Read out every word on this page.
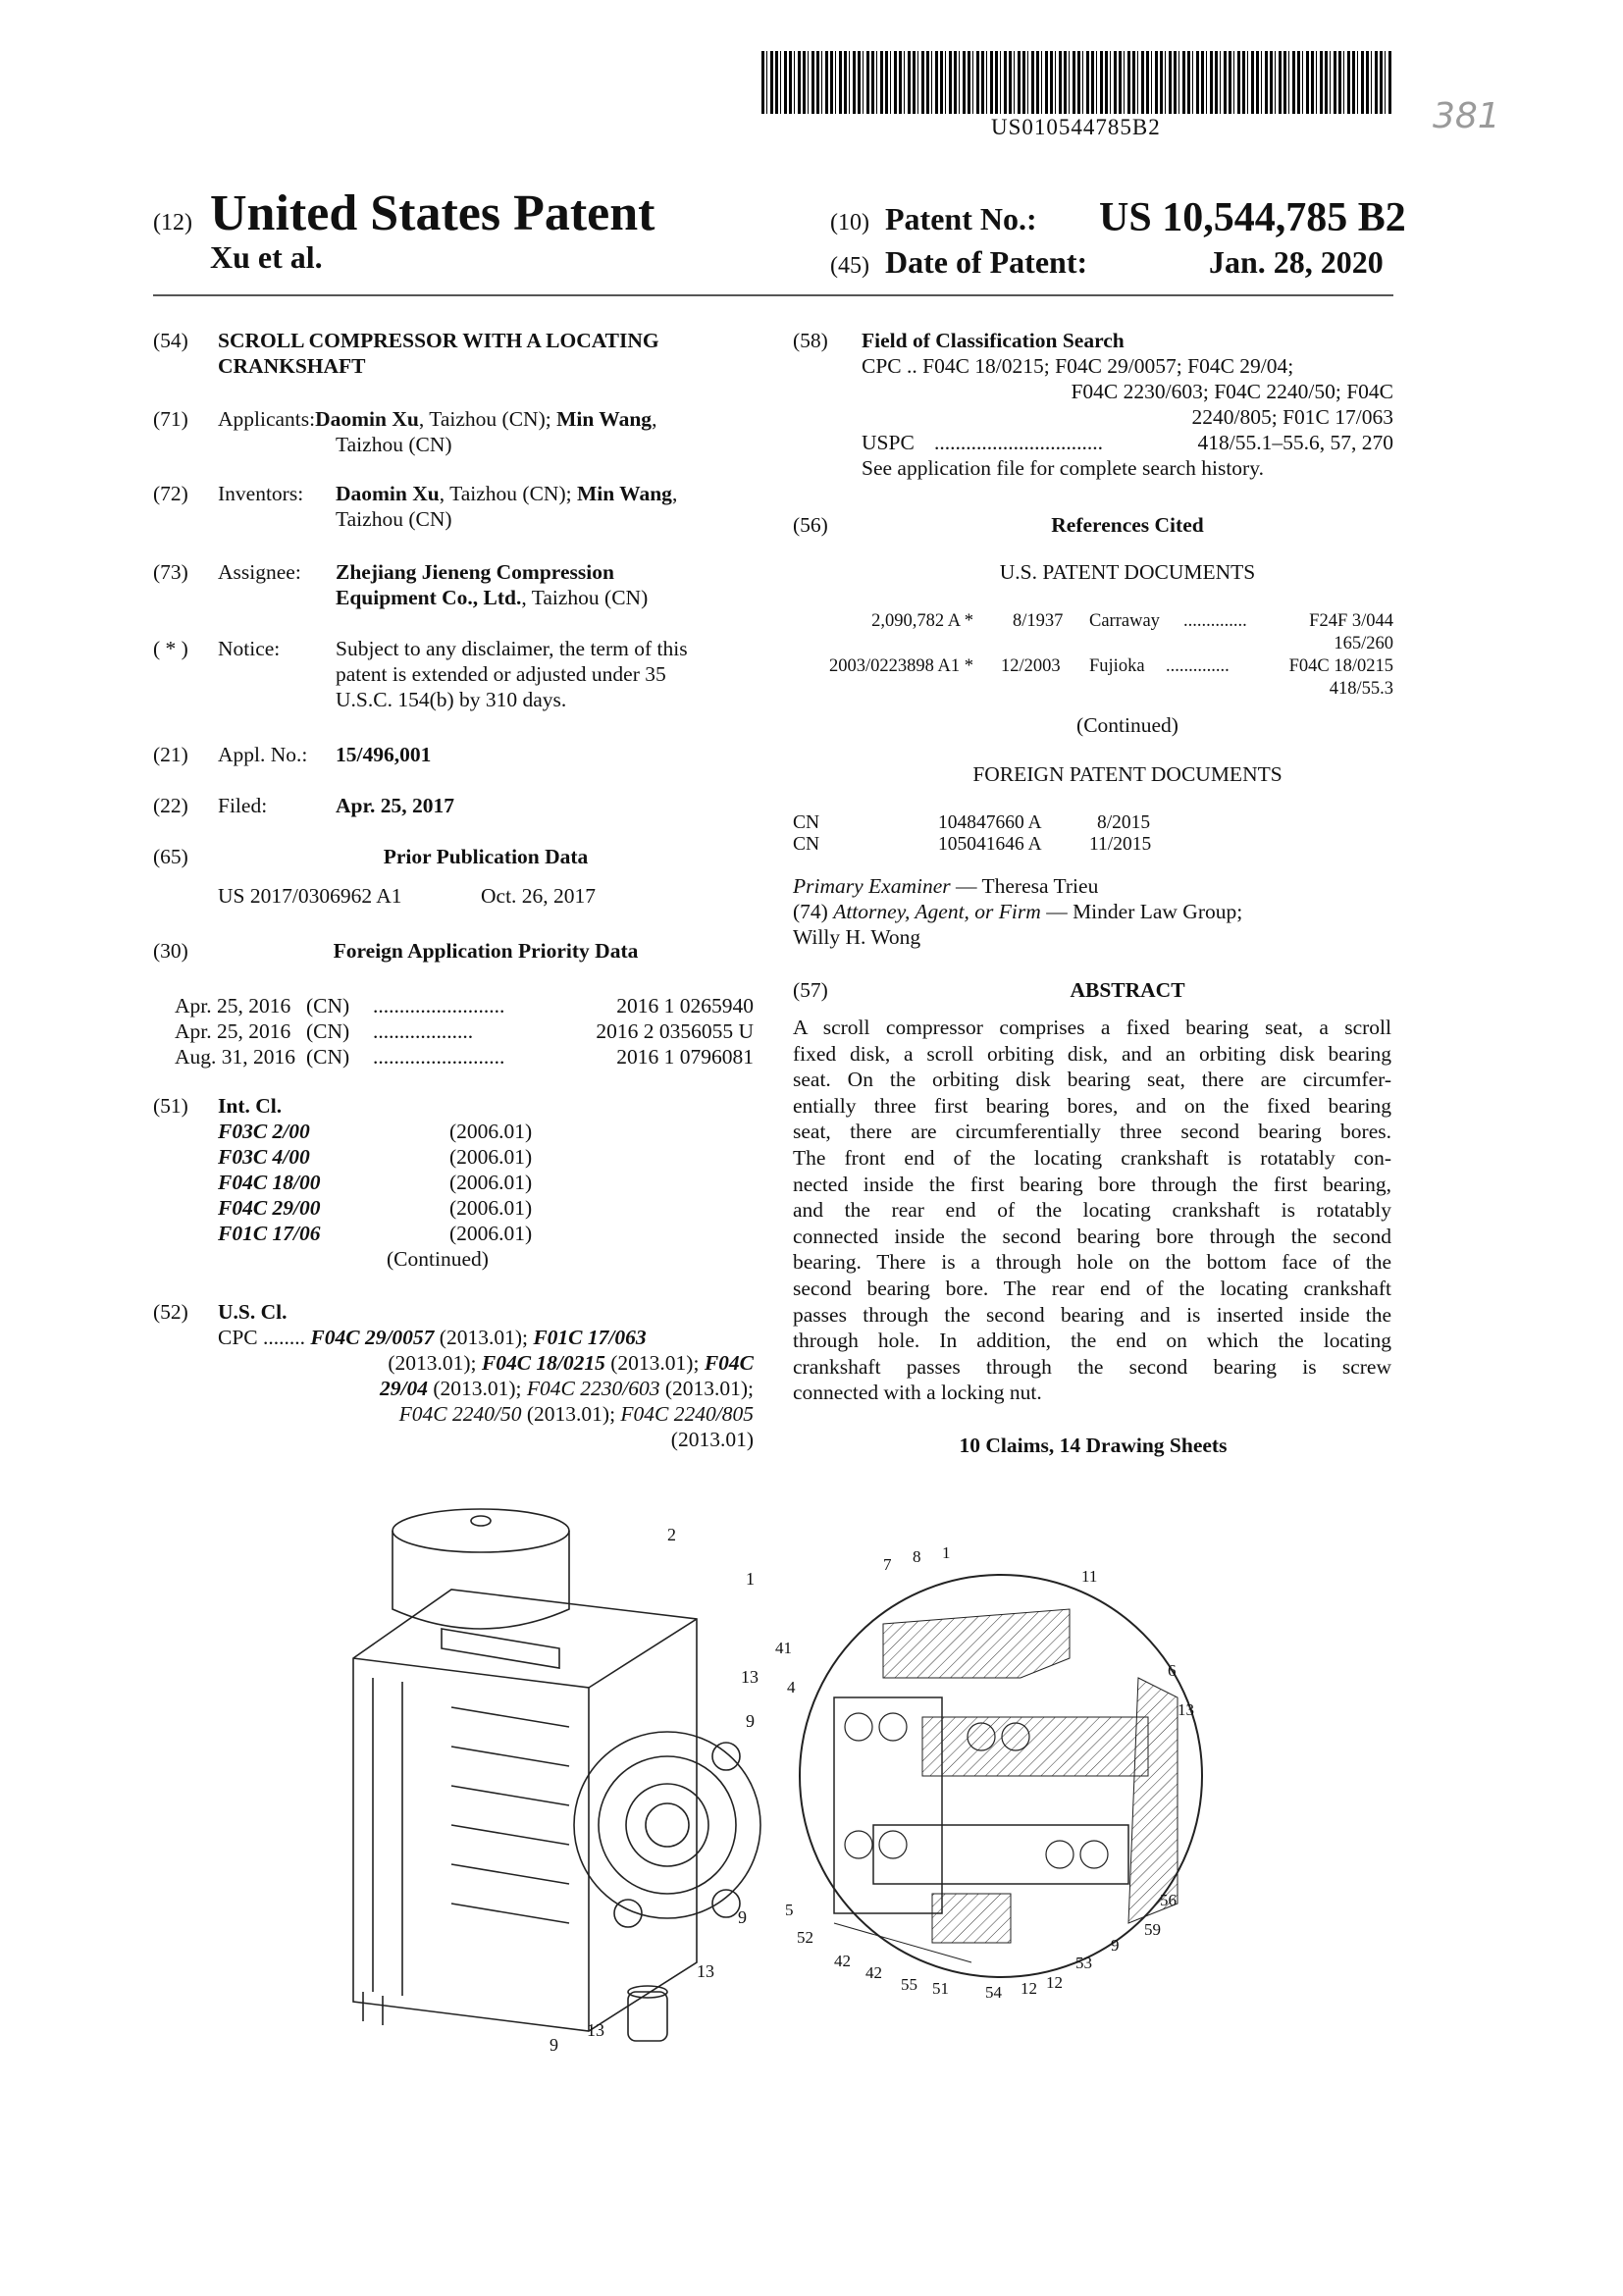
US010544785B2	381
(12) United States Patent
Xu et al.
(10) Patent No.: US 10,544,785 B2
(45) Date of Patent:	Jan. 28, 2020
(54) SCROLL COMPRESSOR WITH A LOCATING
CRANKSHAFT
(71) Applicants:Daomin Xu, Taizhou (CN); Min Wang,
Taizhou (CN)
(72) Inventors: Daomin Xu, Taizhou (CN); Min Wang,
Taizhou (CN)
(73) Assignee: Zhejiang Jieneng Compression
Equipment Co., Ltd., Taizhou (CN)
( * ) Notice:	Subject to any disclaimer, the term of this
patent is extended or adjusted under 35
U.S.C. 154(b) by 310 days.
(21) Appl. No.: 15/496,001
(22) Filed:	Apr. 25, 2017
(65)	Prior Publication Data
US 2017/0306962 A1	Oct. 26, 2017
(30)	Foreign Application Priority Data
Apr. 25, 2016 (CN) .........................	2016 1 0265940
Apr. 25, 2016 (CN) ...................	2016 2 0356055 U
Aug. 31, 2016 (CN) .........................	2016 1 0796081
(51) Int. Cl.
F03C 2/00	(2006.01)
F03C 4/00	(2006.01)
F04C 18/00	(2006.01)
F04C 29/00	(2006.01)
F01C 17/06	(2006.01)
(Continued)
(52) U.S. Cl.
CPC ........ F04C 29/0057 (2013.01); F01C 17/063
(2013.01); F04C 18/0215 (2013.01); F04C
29/04 (2013.01); F04C 2230/603 (2013.01);
F04C 2240/50 (2013.01); F04C 2240/805
(2013.01)
(58) Field of Classification Search
CPC .. F04C 18/0215; F04C 29/0057; F04C 29/04;
F04C 2230/603; F04C 2240/50; F04C
2240/805; F01C 17/063
USPC ................................	418/55.1–55.6, 57, 270
See application file for complete search history.
(56)	References Cited
U.S. PATENT DOCUMENTS
2,090,782 A * 8/1937 Carraway ..............	F24F 3/044
165/260
2003/0223898 A1 * 12/2003 Fujioka ..............	F04C 18/0215
418/55.3
(Continued)
FOREIGN PATENT DOCUMENTS
CN	104847660 A	8/2015
CN	105041646 A 11/2015
Primary Examiner — Theresa Trieu
(74) Attorney, Agent, or Firm — Minder Law Group;
Willy H. Wong
(57)	ABSTRACT
A scroll compressor comprises a fixed bearing seat, a scroll
fixed disk, a scroll orbiting disk, and an orbiting disk bearing
seat. On the orbiting disk bearing seat, there are circumfer-
entially three first bearing bores, and on the fixed bearing
seat, there are circumferentially three second bearing bores.
The front end of the locating crankshaft is rotatably con-
nected inside the first bearing bore through the first bearing,
and the rear end of the locating crankshaft is rotatably
connected inside the second bearing bore through the second
bearing. There is a through hole on the bottom face of the
second bearing bore. The rear end of the locating crankshaft
passes through the second bearing and is inserted inside the
through hole. In addition, the end on which the locating
crankshaft passes through the second bearing is screw
connected with a locking nut.
10 Claims, 14 Drawing Sheets
2
1
13
9
9
13
13
9
7 8 1
11
41
4
6
13
5
52
42
42
55 51 54 12 12
53
9
59
56
